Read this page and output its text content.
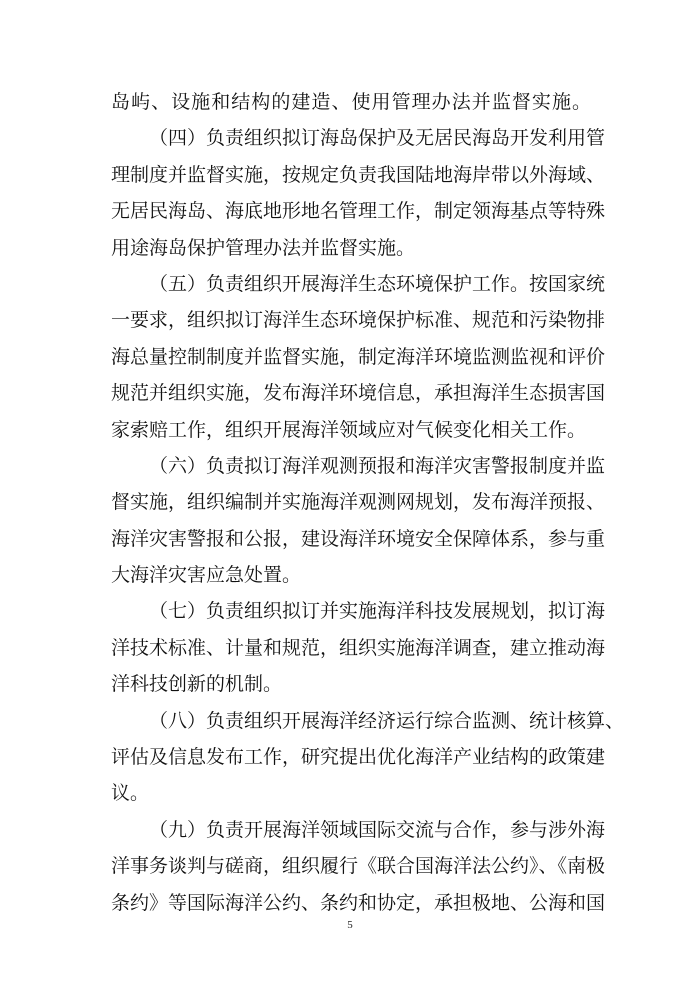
岛屿、设施和结构的建造、使用管理办法并监督实施。
（四）负责组织拟订海岛保护及无居民海岛开发利用管
理制度并监督实施，按规定负责我国陆地海岸带以外海域、
无居民海岛、海底地形地名管理工作，制定领海基点等特殊
用途海岛保护管理办法并监督实施。
（五）负责组织开展海洋生态环境保护工作。按国家统
一要求，组织拟订海洋生态环境保护标准、规范和污染物排
海总量控制制度并监督实施，制定海洋环境监测监视和评价
规范并组织实施，发布海洋环境信息，承担海洋生态损害国
家索赔工作，组织开展海洋领域应对气候变化相关工作。
（六）负责拟订海洋观测预报和海洋灾害警报制度并监
督实施，组织编制并实施海洋观测网规划，发布海洋预报、
海洋灾害警报和公报，建设海洋环境安全保障体系，参与重
大海洋灾害应急处置。
（七）负责组织拟订并实施海洋科技发展规划，拟订海
洋技术标准、计量和规范，组织实施海洋调查，建立推动海
洋科技创新的机制。
（八）负责组织开展海洋经济运行综合监测、统计核算、
评估及信息发布工作，研究提出优化海洋产业结构的政策建
议。
（九）负责开展海洋领域国际交流与合作，参与涉外海
洋事务谈判与磋商，组织履行《联合国海洋法公约》、《南极
条约》等国际海洋公约、条约和协定，承担极地、公海和国
5
